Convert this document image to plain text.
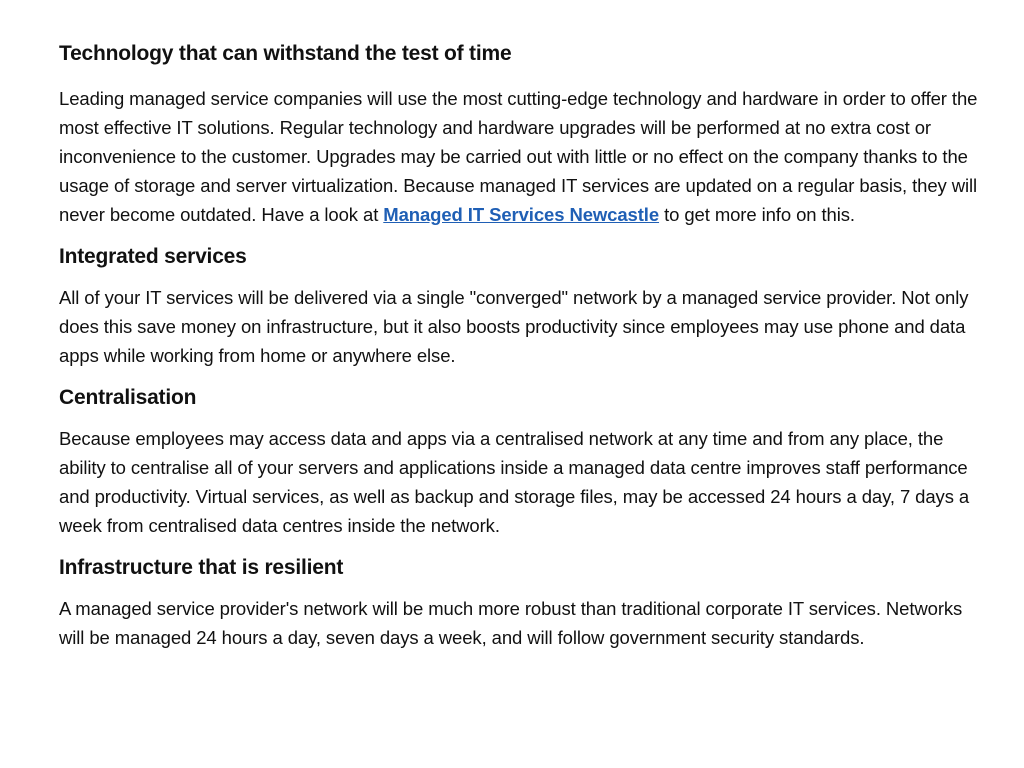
Technology that can withstand the test of time

Leading managed service companies will use the most cutting-edge technology and hardware in order to offer the most effective IT solutions. Regular technology and hardware upgrades will be performed at no extra cost or inconvenience to the customer. Upgrades may be carried out with little or no effect on the company thanks to the usage of storage and server virtualization. Because managed IT services are updated on a regular basis, they will never become outdated. Have a look at Managed IT Services Newcastle to get more info on this.

Integrated services

All of your IT services will be delivered via a single "converged" network by a managed service provider. Not only does this save money on infrastructure, but it also boosts productivity since employees may use phone and data apps while working from home or anywhere else.

Centralisation

Because employees may access data and apps via a centralised network at any time and from any place, the ability to centralise all of your servers and applications inside a managed data centre improves staff performance and productivity. Virtual services, as well as backup and storage files, may be accessed 24 hours a day, 7 days a week from centralised data centres inside the network.

Infrastructure that is resilient

A managed service provider's network will be much more robust than traditional corporate IT services. Networks will be managed 24 hours a day, seven days a week, and will follow government security standards.
